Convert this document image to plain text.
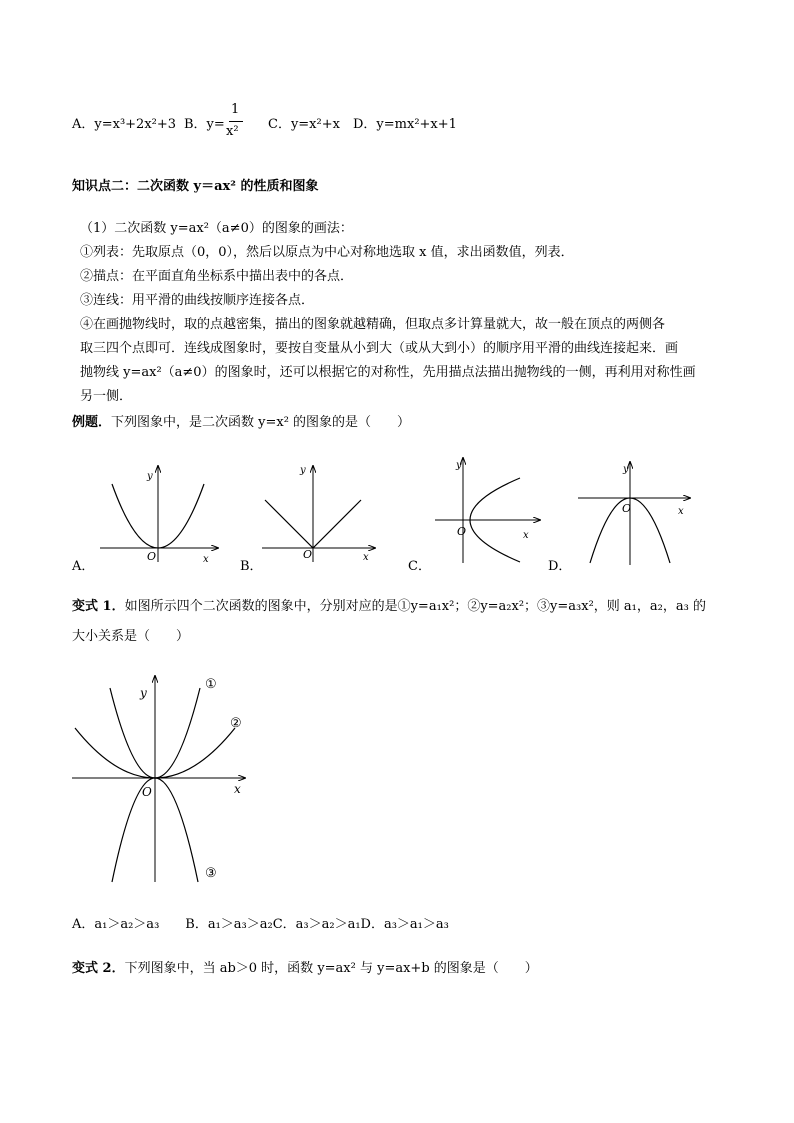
A．y=x³+2x²+3 B．y=
1
x² C．y=x²+x D．y=mx²+x+1
知识点二：二次函数 y＝ax² 的性质和图象
（1）二次函数 y=ax²（a≠0）的图象的画法：
①列表：先取原点（0，0），然后以原点为中心对称地选取 x 值，求出函数值，列表．
②描点：在平面直角坐标系中描出表中的各点．
③连线：用平滑的曲线按顺序连接各点．
④在画抛物线时，取的点越密集，描出的图象就越精确，但取点多计算量就大，故一般在顶点的两侧各
取三四个点即可．连线成图象时，要按自变量从小到大（或从大到小）的顺序用平滑的曲线连接起来．画
抛物线 y=ax²（a≠0）的图象时，还可以根据它的对称性，先用描点法描出抛物线的一侧，再利用对称性画
另一侧．
例题．下列图象中，是二次函数 y=x² 的图象的是（　　）
O	x
y
O	x
y
O	x
y
O	x
y
A．	B．	C．	D．
变式 1．如图所示四个二次函数的图象中，分别对应的是①y=a₁x²；②y=a₂x²；③y=a₃x²，则 a₁，a₂，a₃ 的
大小关系是（　　）
O	x
y
①
②
③
A．a₁＞a₂＞a₃　　B．a₁＞a₃＞a₂C．a₃＞a₂＞a₁D．a₃＞a₁＞a₃
变式 2．下列图象中，当 ab＞0 时，函数 y=ax² 与 y=ax+b 的图象是（　　）
